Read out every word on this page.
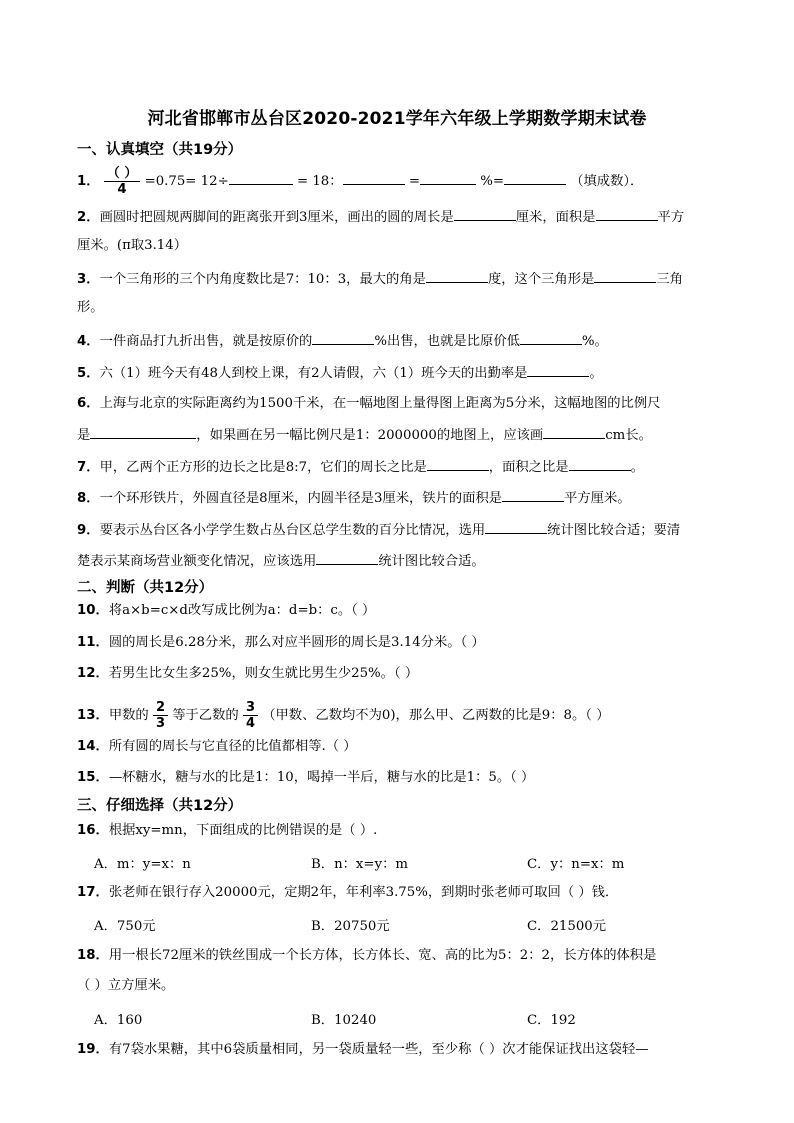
河北省邯郸市丛台区2020-2021学年六年级上学期数学期末试卷
一、认真填空（共19分）
1． $\frac{( )}{4} =0.75= 12\div$	= 18：	=	%=	（填成数）．
2．画圆时把圆规两脚间的距离张开到3厘米，画出的圆的周长是	厘米，面积是	平方
厘米。(π取3.14）
3．一个三角形的三个内角度数比是7：10：3，最大的角是	度，这个三角形是	三角
形。
4．一件商品打九折出售，就是按原价的	%出售，也就是比原价低	%。
5．六（1）班今天有48人到校上课，有2人请假，六（1）班今天的出勤率是	。
6．上海与北京的实际距离约为1500千米，在一幅地图上量得图上距离为5分米，这幅地图的比例尺
是	，如果画在另一幅比例尺是1：2000000的地图上，应该画	cm长。
7．甲，乙两个正方形的边长之比是8:7，它们的周长之比是	，面积之比是	。
8．一个环形铁片，外圆直径是8厘米，内圆半径是3厘米，铁片的面积是	平方厘米。
9．要表示丛台区各小学学生数占丛台区总学生数的百分比情况，选用	统计图比较合适；要清
楚表示某商场营业额变化情况，应该选用	统计图比较合适。
二、判断（共12分）
10．将a×b=c×d改写成比例为a：d=b：c。（ ）
11．圆的周长是6.28分米，那么对应半圆形的周长是3.14分米。（ ）
12．若男生比女生多25%，则女生就比男生少25%。（ ）
13．甲数的 $\frac{2}{3}$ 等于乙数的 $\frac{3}{4}$ （甲数、乙数均不为0)，那么甲、乙两数的比是9：8。（ ）
14．所有圆的周长与它直径的比值都相等.（ ）
15．—杯糖水，糖与水的比是1：10，喝掉一半后，糖与水的比是1：5。（ ）
三、仔细选择（共12分）
16．根据xy=mn，下面组成的比例错误的是（ ）.
A．m：y=x：n	B．n：x=y：m	C．y：n=x：m
17．张老师在银行存入20000元，定期2年，年利率3.75%，到期时张老师可取回（ ）钱．
A．750元	B．20750元	C．21500元
18．用一根长72厘米的铁丝围成一个长方体，长方体长、宽、高的比为5：2：2，长方体的体积是
（ ）立方厘米。
A．160	B．10240	C．192
19．有7袋水果糖，其中6袋质量相同，另一袋质量轻一些，至少称（ ）次才能保证找出这袋轻—
